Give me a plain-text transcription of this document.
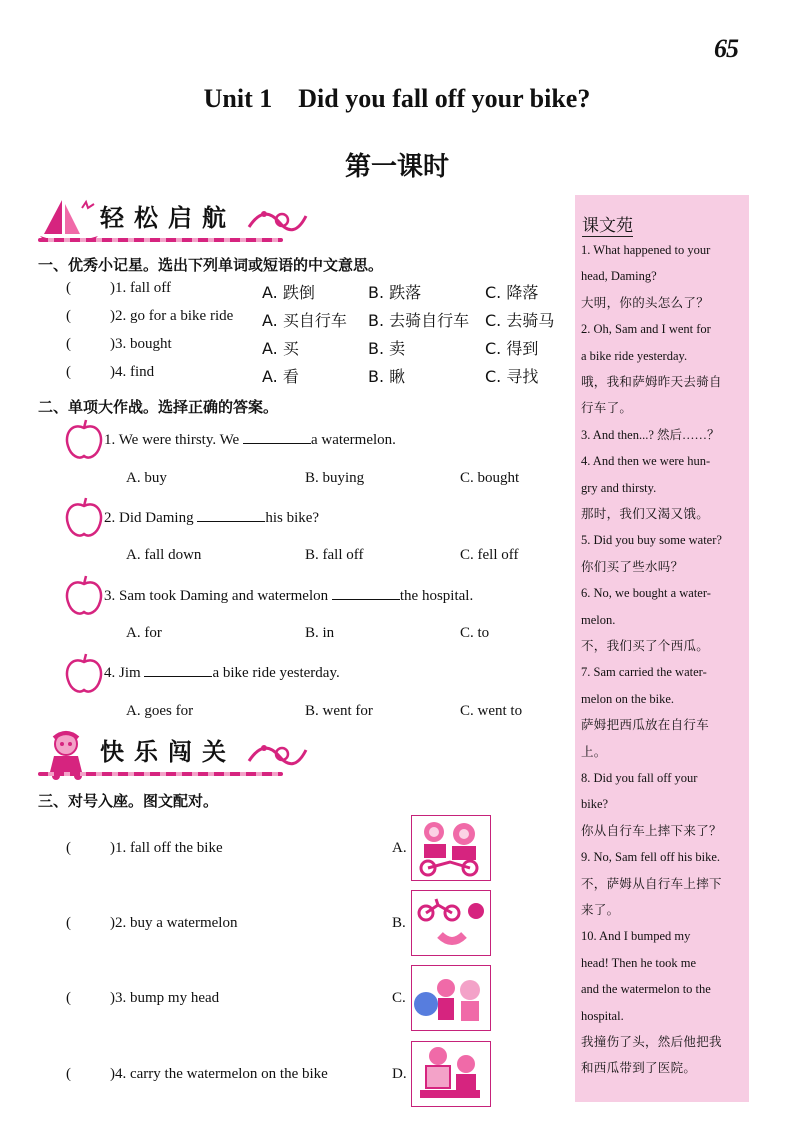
65
Unit 1    Did you fall off your bike?
第一课时
轻松启航
一、优秀小记星。选出下列单词或短语的中文意思。
(	)1. fall off	A. 跌倒	B. 跌落	C. 降落
(	)2. go for a bike ride A. 买自行车 B. 去骑自行车 C. 去骑马
(	)3. bought	A. 买	B. 卖	C. 得到
(	)4. find	A. 看	B. 瞅	C. 寻找
二、单项大作战。选择正确的答案。
1. We were thirsty. We	a watermelon.
A. buy	B. buying	C. bought
2. Did Daming	his bike?
A. fall down	B. fall off	C. fell off
3. Sam took Daming and watermelon	the hospital.
A. for	B. in	C. to
4. Jim	a bike ride yesterday.
A. goes for	B. went for	C. went to
快乐闯关
三、对号入座。图文配对。
(	)1. fall off the bike	A.
(	)2. buy a watermelon	B.
(	)3. bump my head	C.
(	)4. carry the watermelon on the bike	D.
课文苑
1. What happened to your
head, Daming?
大明，你的头怎么了？
2. Oh, Sam and I went for
a bike ride yesterday.
哦，我和萨姆昨天去骑自
行车了。
3. And then...? 然后……？
4. And then we were hun-
gry and thirsty.
那时，我们又渴又饿。
5. Did you buy some water?
你们买了些水吗？
6. No, we bought a water-
melon.
不，我们买了个西瓜。
7. Sam carried the water-
melon on the bike.
萨姆把西瓜放在自行车
上。
8. Did you fall off your
bike?
你从自行车上摔下来了？
9. No, Sam fell off his bike.
不，萨姆从自行车上摔下
来了。
10. And I bumped my
head! Then he took me
and the watermelon to the
hospital.
我撞伤了头，然后他把我
和西瓜带到了医院。
